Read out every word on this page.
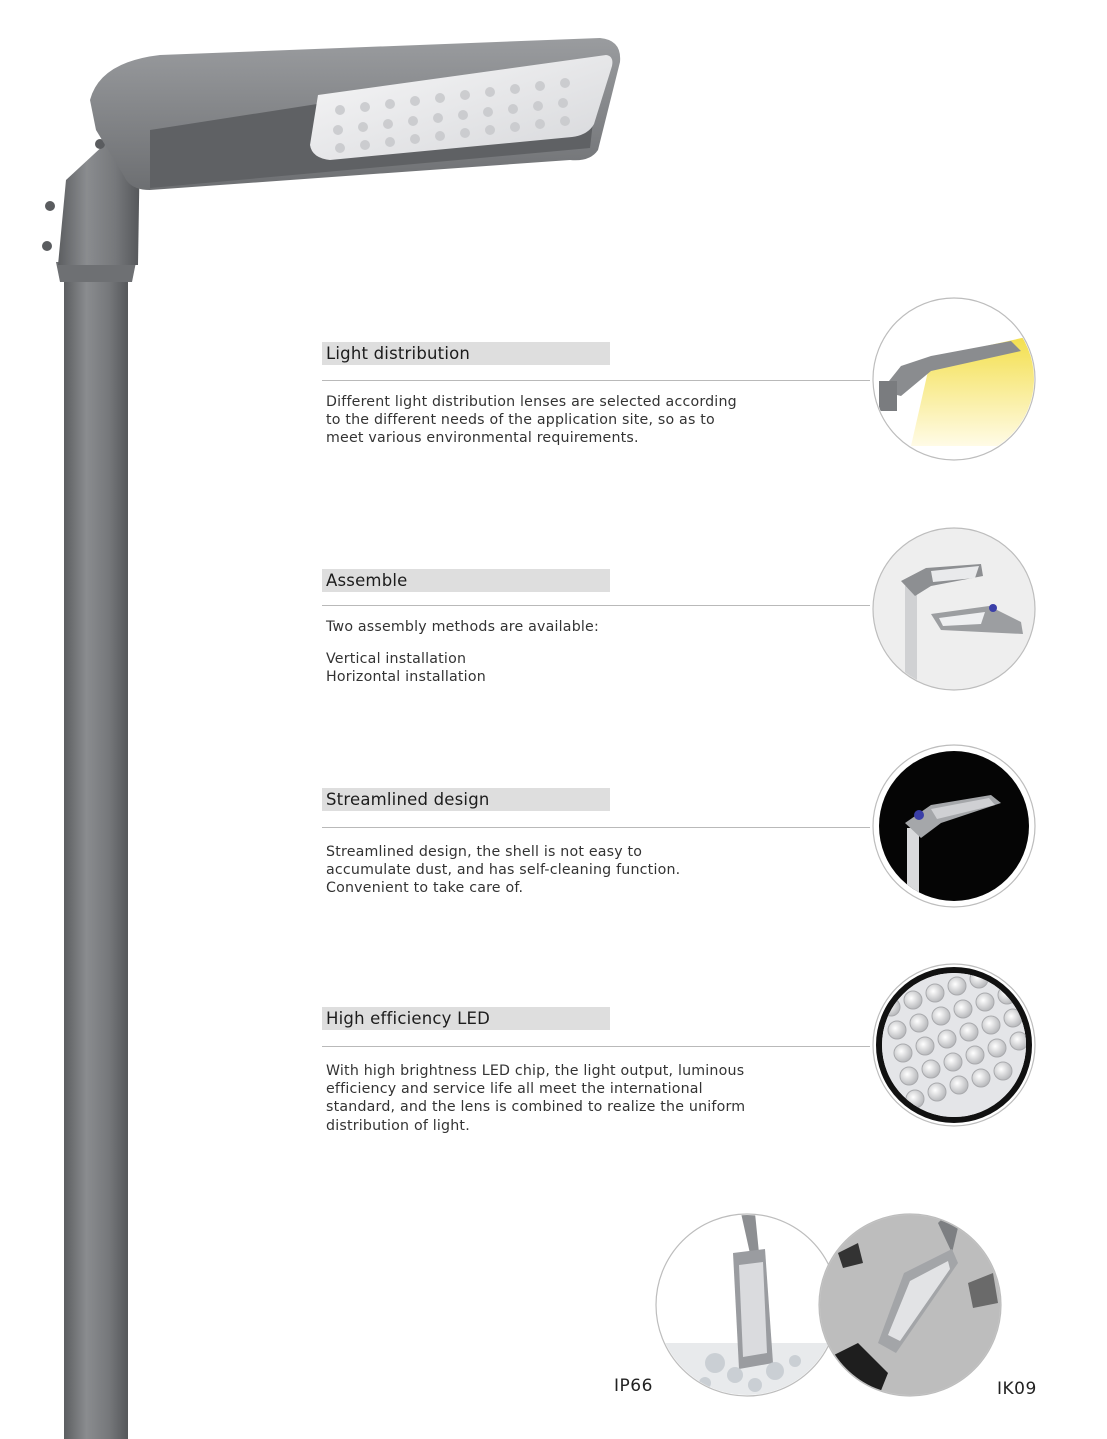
Light distribution
Different light distribution lenses are selected according
to the different needs of the application site, so as to
meet various environmental requirements.
Assemble
Two assembly methods are available:
Vertical installation
Horizontal installation
Streamlined design
Streamlined design, the shell is not easy to
accumulate dust, and has self-cleaning function.
Convenient to take care of.
High efficiency LED
With high brightness LED chip, the light output, luminous
efficiency and service life all meet the international
standard, and the lens is combined to realize the uniform
distribution of light.
IP66	IK09
